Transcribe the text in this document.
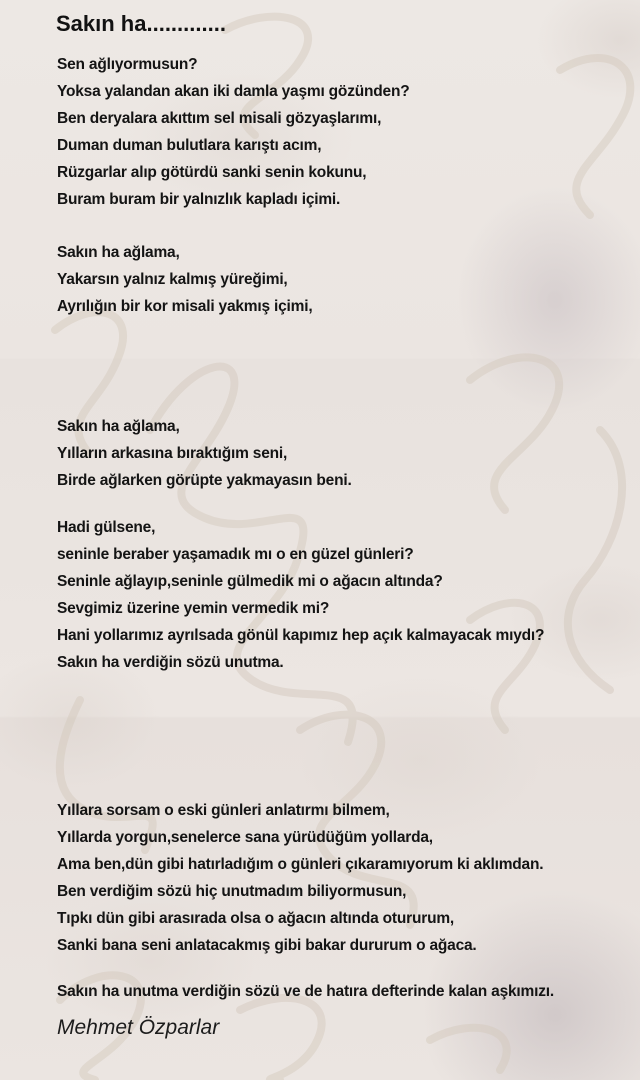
Sakın ha.............

Sen ağlıyormusun?

Yoksa yalandan akan iki damla yaşmı gözünden?

Ben deryalara akıttım sel misali gözyaşlarımı,

Duman duman bulutlara karıştı acım,

Rüzgarlar alıp götürdü sanki senin kokunu,

Buram buram bir yalnızlık kapladı içimi.

Sakın ha ağlama,

Yakarsın yalnız kalmış yüreğimi,

Ayrılığın bir kor misali yakmış içimi,

Sakın ha ağlama,

Yılların arkasına bıraktığım seni,

Birde ağlarken görüpte yakmayasın beni.

Hadi gülsene,

seninle beraber yaşamadık mı o en güzel günleri?

Seninle ağlayıp,seninle gülmedik mi o ağacın altında?

Sevgimiz üzerine yemin vermedik mi?

Hani yollarımız ayrılsada gönül kapımız hep açık kalmayacak mıydı?

Sakın ha verdiğin sözü unutma.

Yıllara sorsam o eski günleri anlatırmı bilmem,

Yıllarda yorgun,senelerce sana yürüdüğüm yollarda,

Ama ben,dün gibi hatırladığım o günleri çıkaramıyorum ki aklımdan.

Ben verdiğim sözü hiç unutmadım biliyormusun,

Tıpkı dün gibi arasırada olsa o ağacın altında otururum,

Sanki bana seni anlatacakmış gibi bakar dururum o ağaca.

Sakın ha unutma verdiğin sözü ve de hatıra defterinde kalan aşkımızı.

Mehmet Özparlar
